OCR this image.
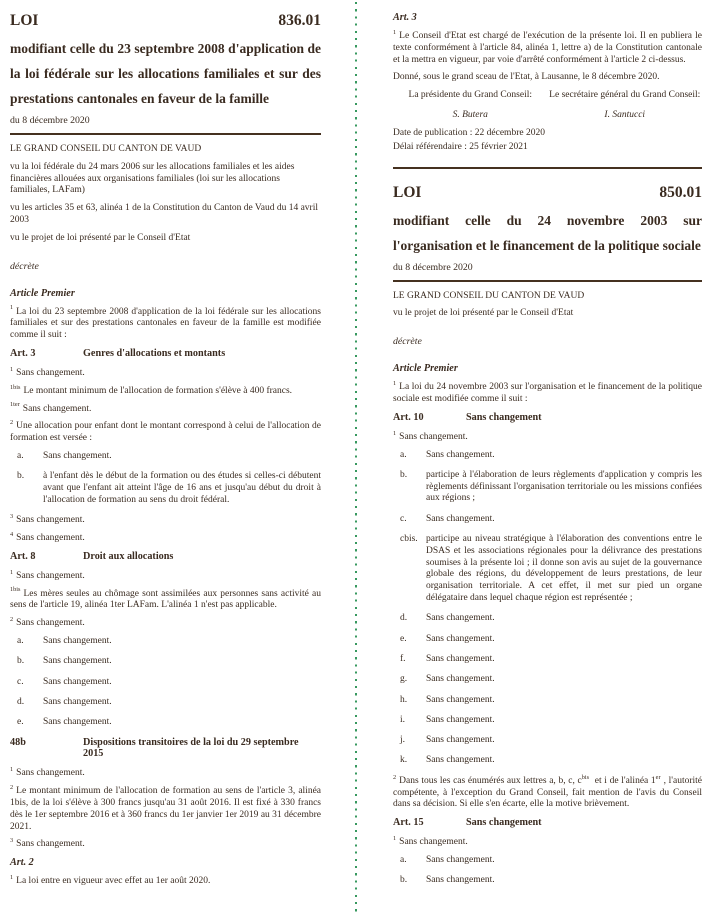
LOI	836.01
modifiant celle du 23 septembre 2008 d'application de la loi fédérale sur les allocations familiales et sur des prestations cantonales en faveur de la famille
du 8 décembre 2020
LE GRAND CONSEIL DU CANTON DE VAUD
vu la loi fédérale du 24 mars 2006 sur les allocations familiales et les aides financières allouées aux organisations familiales (loi sur les allocations familiales, LAFam)
vu les articles 35 et 63, alinéa 1 de la Constitution du Canton de Vaud du 14 avril 2003
vu le projet de loi présenté par le Conseil d'Etat
décrète
Article Premier

$^1$ La loi du 23 septembre 2008 d'application de la loi fédérale sur les allocations familiales et sur des prestations cantonales en faveur de la famille est modifiée comme il suit :

Art. 3	Genres d'allocations et montants

$^1$ Sans changement.

$^{1bis}$ Le montant minimum de l'allocation de formation s'élève à 400 francs.

$^{1ter}$ Sans changement.

$^2$ Une allocation pour enfant dont le montant correspond à celui de l'allocation de formation est versée :

a.	Sans changement.
b.	à l'enfant dès le début de la formation ou des études si celles-ci débutent avant que l'enfant ait atteint l'âge de 16 ans et jusqu'au début du droit à l'allocation de formation au sens du droit fédéral.

$^3$ Sans changement.

$^4$ Sans changement.

Art. 8	Droit aux allocations

$^1$ Sans changement.

$^{1bis}$ Les mères seules au chômage sont assimilées aux personnes sans activité au sens de l'article 19, alinéa 1ter LAFam. L'alinéa 1 n'est pas applicable.

$^2$ Sans changement.

a.	Sans changement.
b.	Sans changement.
c.	Sans changement.
d.	Sans changement.
e.	Sans changement.
48b	Dispositions transitoires de la loi du 29 septembre 2015

$^1$ Sans changement.

$^2$ Le montant minimum de l'allocation de formation au sens de l'article 3, alinéa 1bis, de la loi s'élève à 300 francs jusqu'au 31 août 2016. Il est fixé à 330 francs dès le 1er septembre 2016 et à 360 francs du 1er janvier 1er 2019 au 31 décembre 2021.

$^3$ Sans changement.

Art. 2

$^1$ La loi entre en vigueur avec effet au 1er août 2020.

Art. 3

$^1$ Le Conseil d'Etat est chargé de l'exécution de la présente loi. Il en publiera le texte conformément à l'article 84, alinéa 1, lettre a) de la Constitution cantonale et la mettra en vigueur, par voie d'arrêté conformément à l'article 2 ci-dessus.

Donné, sous le grand sceau de l'Etat, à Lausanne, le 8 décembre 2020.
La présidente du Grand Conseil:
S. Butera
Le secrétaire général du Grand Conseil:
I. Santucci
Date de publication : 22 décembre 2020
Délai référendaire : 25 février 2021
LOI	850.01
modifiant celle du 24 novembre 2003 sur l'organisation et le financement de la politique sociale
du 8 décembre 2020
LE GRAND CONSEIL DU CANTON DE VAUD
vu le projet de loi présenté par le Conseil d'Etat
décrète
Article Premier

$^1$ La loi du 24 novembre 2003 sur l'organisation et le financement de la politique sociale est modifiée comme il suit :

Art. 10	Sans changement

$^1$ Sans changement.

a.	Sans changement.
b.	participe à l'élaboration de leurs règlements d'application y compris les règlements définissant l'organisation territoriale ou les missions confiées aux régions ;
c.	Sans changement.
cbis. participe au niveau stratégique à l'élaboration des conventions entre le DSAS et les associations régionales pour la délivrance des prestations soumises à la présente loi ; il donne son avis au sujet de la gouvernance globale des régions, du développement de leurs prestations, de leur organisation territoriale. A cet effet, il met sur pied un organe délégataire dans lequel chaque région est représentée ;
d.	Sans changement.
e.	Sans changement.
f.	Sans changement.
g.	Sans changement.
h.	Sans changement.
i.	Sans changement.
j.	Sans changement.
k.	Sans changement.

$^2$ Dans tous les cas énumérés aux lettres a, b, c, $c^{bis}$ et i de l'alinéa 1er , l'autorité compétente, à l'exception du Grand Conseil, fait mention de l'avis du Conseil dans sa décision. Si elle s'en écarte, elle la motive brièvement.

Art. 15	Sans changement

$^1$ Sans changement.

a.	Sans changement.
b.	Sans changement.
